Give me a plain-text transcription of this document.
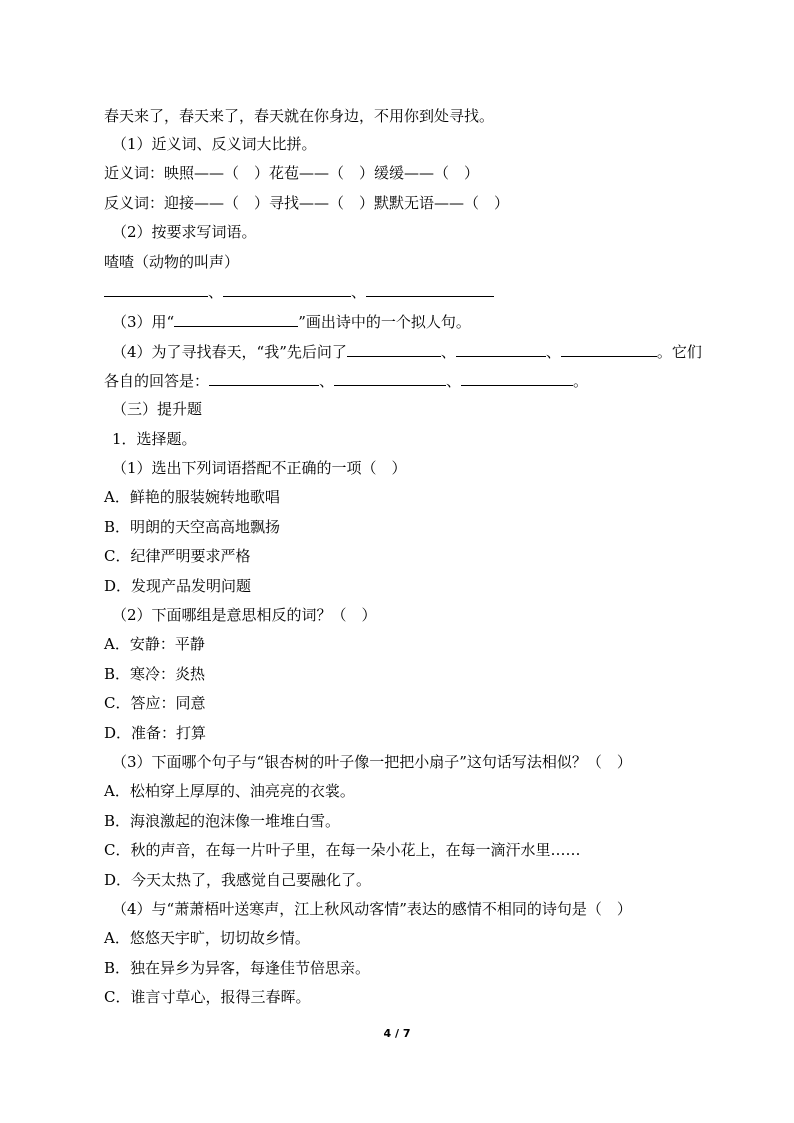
春天来了，春天来了，春天就在你身边，不用你到处寻找。
（1）近义词、反义词大比拼。
近义词：映照——（　）花苞——（　）缓缓——（　）
反义词：迎接——（　）寻找——（　）默默无语——（　）
（2）按要求写词语。
喳喳（动物的叫声）
、	、
（3）用“	”画出诗中的一个拟人句。
（4）为了寻找春天，“我”先后问了	、	、	。它们
各自的回答是：	、	、	。
（三）提升题
1．选择题。
（1）选出下列词语搭配不正确的一项（　）
A．鲜艳的服装婉转地歌唱
B．明朗的天空高高地飘扬
C．纪律严明要求严格
D．发现产品发明问题
（2）下面哪组是意思相反的词？（　）
A．安静：平静
B．寒冷：炎热
C．答应：同意
D．准备：打算
（3）下面哪个句子与“银杏树的叶子像一把把小扇子”这句话写法相似？（　）
A．松柏穿上厚厚的、油亮亮的衣裳。
B．海浪激起的泡沫像一堆堆白雪。
C．秋的声音，在每一片叶子里，在每一朵小花上，在每一滴汗水里……
D．今天太热了，我感觉自己要融化了。
（4）与“萧萧梧叶送寒声，江上秋风动客情”表达的感情不相同的诗句是（　）
A．悠悠天宇旷，切切故乡情。
B．独在异乡为异客，每逢佳节倍思亲。
C．谁言寸草心，报得三春晖。
4 / 7
